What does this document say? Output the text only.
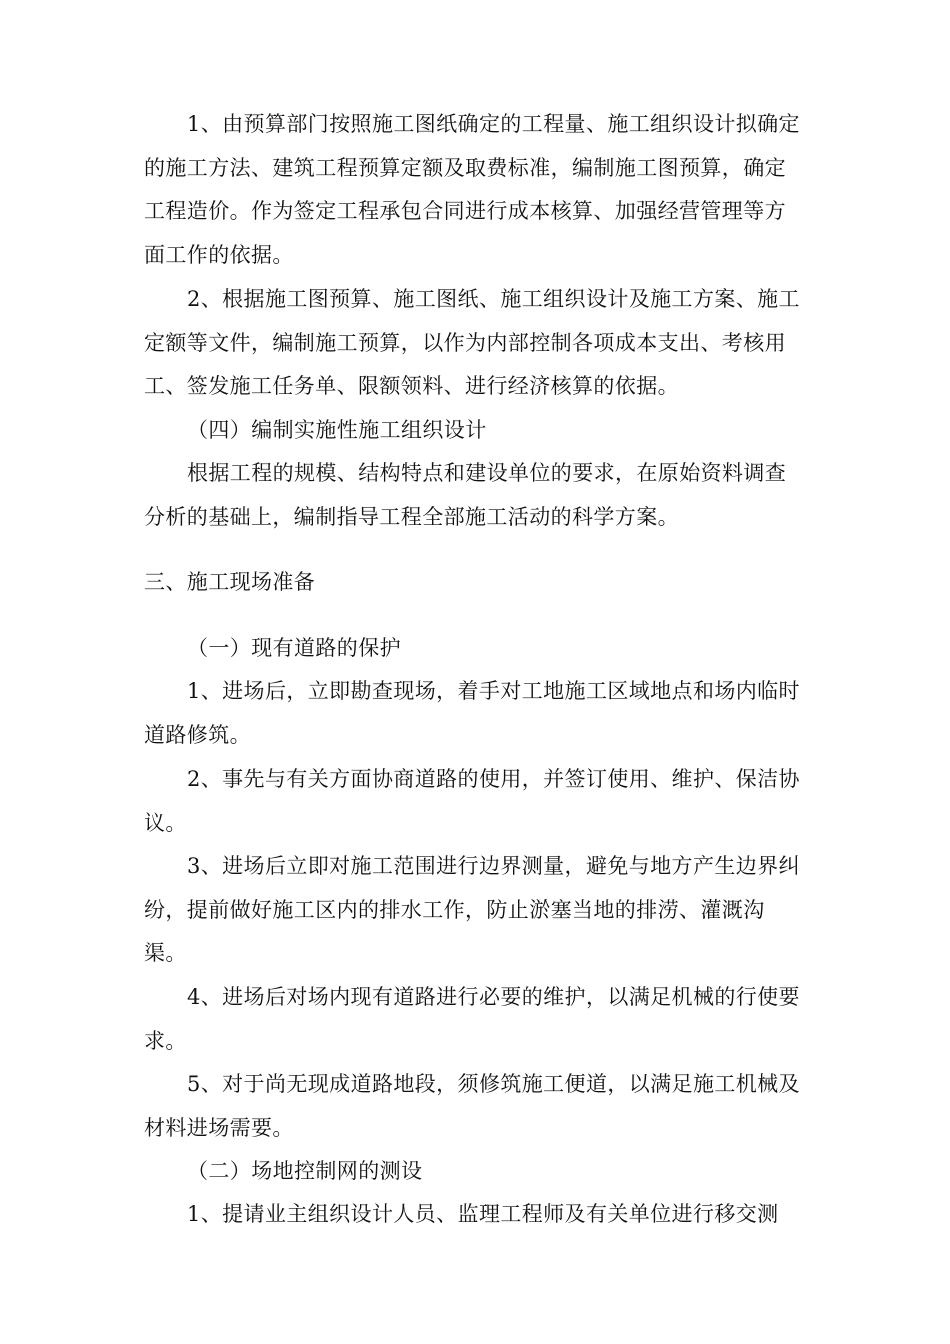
1、由预算部门按照施工图纸确定的工程量、施工组织设计拟确定的施工方法、建筑工程预算定额及取费标准，编制施工图预算，确定工程造价。作为签定工程承包合同进行成本核算、加强经营管理等方面工作的依据。

2、根据施工图预算、施工图纸、施工组织设计及施工方案、施工定额等文件，编制施工预算，以作为内部控制各项成本支出、考核用工、签发施工任务单、限额领料、进行经济核算的依据。

（四）编制实施性施工组织设计

根据工程的规模、结构特点和建设单位的要求，在原始资料调查分析的基础上，编制指导工程全部施工活动的科学方案。

三、施工现场准备

（一）现有道路的保护

1、进场后，立即勘查现场，着手对工地施工区域地点和场内临时道路修筑。

2、事先与有关方面协商道路的使用，并签订使用、维护、保洁协议。

3、进场后立即对施工范围进行边界测量，避免与地方产生边界纠纷，提前做好施工区内的排水工作，防止淤塞当地的排涝、灌溉沟渠。

4、进场后对场内现有道路进行必要的维护，以满足机械的行使要求。

5、对于尚无现成道路地段，须修筑施工便道，以满足施工机械及材料进场需要。

（二）场地控制网的测设

1、提请业主组织设计人员、监理工程师及有关单位进行移交测
